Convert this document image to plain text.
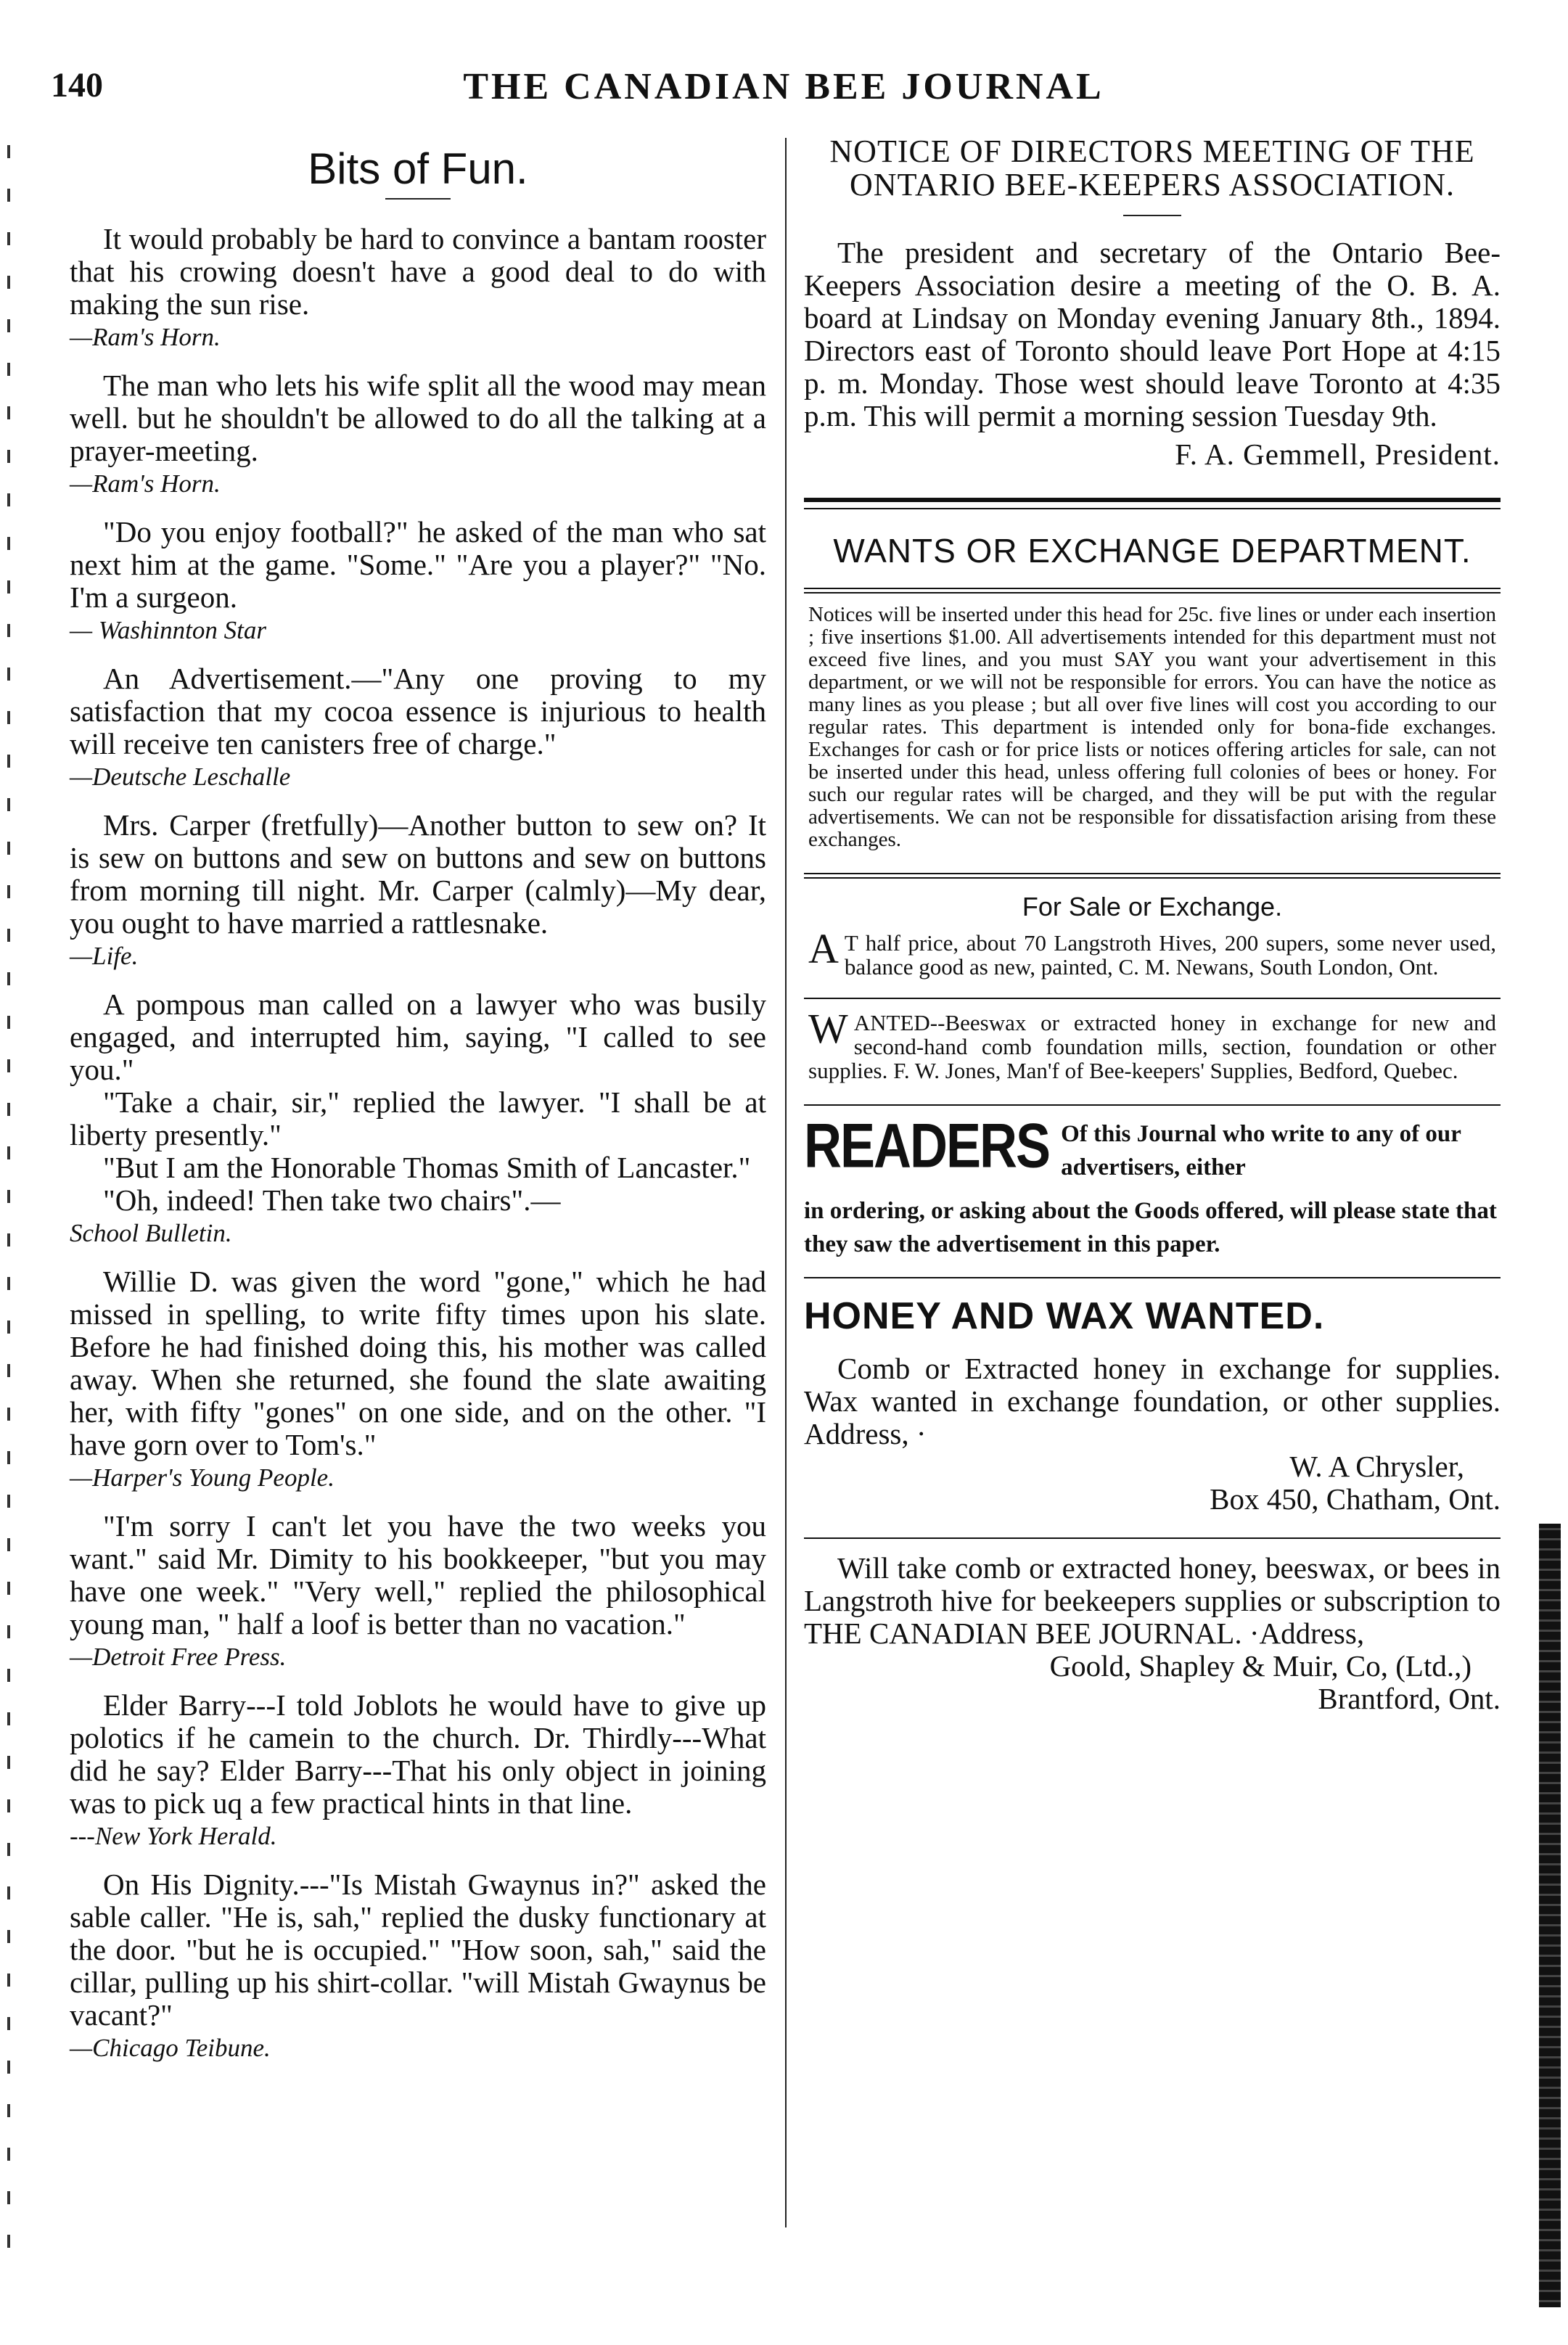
140	THE CANADIAN BEE JOURNAL
Bits of Fun.

It would probably be hard to convince a bantam rooster that his crowing doesn't have a good deal to do with making the sun rise.

—Ram's Horn.

The man who lets his wife split all the wood may mean well. but he shouldn't be allowed to do all the talking at a prayer-meeting.

—Ram's Horn.

"Do you enjoy football?" he asked of the man who sat next him at the game. "Some." "Are you a player?" "No. I'm a surgeon.

— Washinnton Star

An Advertisement.—"Any one proving to my satisfaction that my cocoa essence is injurious to health will receive ten canisters free of charge."

—Deutsche Leschalle

Mrs. Carper (fretfully)—Another button to sew on? It is sew on buttons and sew on buttons and sew on buttons from morning till night. Mr. Carper (calmly)—My dear, you ought to have married a rattlesnake.

—Life.

A pompous man called on a lawyer who was busily engaged, and interrupted him, saying, "I called to see you."

"Take a chair, sir," replied the lawyer. "I shall be at liberty presently."

"But I am the Honorable Thomas Smith of Lancaster."

"Oh, indeed! Then take two chairs".—

School Bulletin.

Willie D. was given the word "gone," which he had missed in spelling, to write fifty times upon his slate. Before he had finished doing this, his mother was called away. When she returned, she found the slate awaiting her, with fifty "gones" on one side, and on the other. "I have gorn over to Tom's."

—Harper's Young People.

"I'm sorry I can't let you have the two weeks you want." said Mr. Dimity to his bookkeeper, "but you may have one week." "Very well," replied the philosophical young man, " half a loof is better than no vacation."

—Detroit Free Press.

Elder Barry---I told Joblots he would have to give up polotics if he camein to the church. Dr. Thirdly---What did he say? Elder Barry---That his only object in joining was to pick uq a few practical hints in that line.

---New York Herald.

On His Dignity.---"Is Mistah Gwaynus in?" asked the sable caller. "He is, sah," replied the dusky functionary at the door. "but he is occupied." "How soon, sah," said the cillar, pulling up his shirt-collar. "will Mistah Gwaynus be vacant?"

—Chicago Teibune.

NOTICE OF DIRECTORS MEETING OF THE ONTARIO BEE-KEEPERS ASSOCIATION.

The president and secretary of the Ontario Bee-Keepers Association desire a meeting of the O. B. A. board at Lindsay on Monday evening January 8th., 1894. Directors east of Toronto should leave Port Hope at 4:15 p. m. Monday. Those west should leave Toronto at 4:35 p.m. This will permit a morning session Tuesday 9th.

F. A. Gemmell, President.
WANTS OR EXCHANGE DEPARTMENT.
Notices will be inserted under this head for 25c. five lines or under each insertion ; five insertions $1.00. All advertisements intended for this department must not exceed five lines, and you must SAY you want your advertisement in this department, or we will not be responsible for errors. You can have the notice as many lines as you please ; but all over five lines will cost you according to our regular rates. This department is intended only for bona-fide exchanges. Exchanges for cash or for price lists or notices offering articles for sale, can not be inserted under this head, unless offering full colonies of bees or honey. For such our regular rates will be charged, and they will be put with the regular advertisements. We can not be responsible for dissatisfaction arising from these exchanges.
For Sale or Exchange.
A T half price, about 70 Langstroth Hives, 200 supers, some never used, balance good as new, painted, C. M. Newans, South London, Ont.
WANTED--Beeswax or extracted honey in exchange for new and second-hand comb foundation mills, section, foundation or other supplies. F. W. Jones, Man'f of Bee-keepers' Supplies, Bedford, Quebec.
READERS Of this Journal who write to any of our advertisers, either
in ordering, or asking about the Goods offered, will please state that they saw the advertisement in this paper.
HONEY AND WAX WANTED.

Comb or Extracted honey in exchange for supplies. Wax wanted in exchange foundation, or other supplies. Address, ·

W. A Chrysler,
Box 450, Chatham, Ont.

Will take comb or extracted honey, beeswax, or bees in Langstroth hive for beekeepers supplies or subscription to THE CANADIAN BEE JOURNAL. ·Address,

Goold, Shapley & Muir, Co, (Ltd.,)
Brantford, Ont.
